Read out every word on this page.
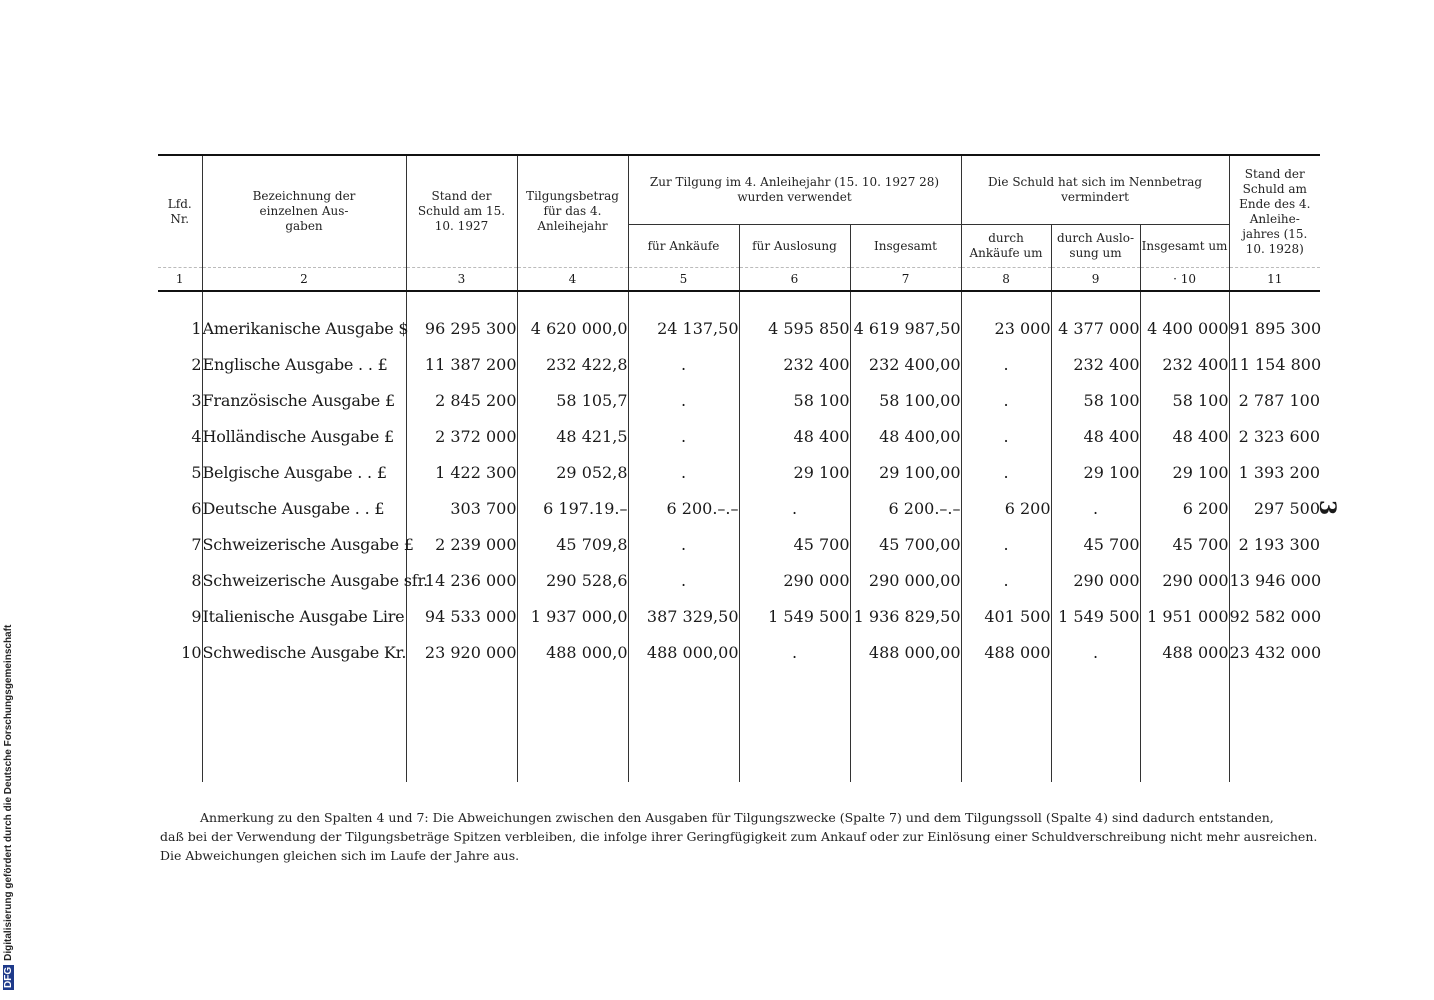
3
DFGDigitalisierung gefördert durch die Deutsche Forschungsgemeinschaft
Lfd. Nr.	Bezeichnung der einzelnen Aus-gaben	Stand der Schuld am 15. 10. 1927	Tilgungsbetrag für das 4. Anleihejahr	Zur Tilgung im 4. Anleihejahr (15. 10. 1927 28) wurden verwendet			Die Schuld hat sich im Nennbetrag vermindert			Stand der Schuld am Ende des 4. Anleihe-jahres (15. 10. 1928)
				für Ankäufe	für Auslosung	Insgesamt	durch Ankäufe um	durch Auslo-sung um	Insgesamt um	
1	2	3	4	5	6	7	8	9	· 10	11
1	Amerikanische Ausgabe $	96 295 300	4 620 000,0	24 137,50	4 595 850	4 619 987,50	23 000	4 377 000	4 400 000	91 895 300
2	Englische Ausgabe . . £	11 387 200	232 422,8	.	232 400	232 400,00	.	232 400	232 400	11 154 800
3	Französische Ausgabe £	2 845 200	58 105,7	.	58 100	58 100,00	.	58 100	58 100	2 787 100
4	Holländische Ausgabe £	2 372 000	48 421,5	.	48 400	48 400,00	.	48 400	48 400	2 323 600
5	Belgische Ausgabe . . £	1 422 300	29 052,8	.	29 100	29 100,00	.	29 100	29 100	1 393 200
6	Deutsche Ausgabe . . £	303 700	6 197.19.–	6 200.–.–	.	6 200.–.–	6 200	.	6 200	297 500
7	Schweizerische Ausgabe £	2 239 000	45 709,8	.	45 700	45 700,00	.	45 700	45 700	2 193 300
8	Schweizerische Ausgabe sfr.	14 236 000	290 528,6	.	290 000	290 000,00	.	290 000	290 000	13 946 000
9	Italienische Ausgabe Lire	94 533 000	1 937 000,0	387 329,50	1 549 500	1 936 829,50	401 500	1 549 500	1 951 000	92 582 000
10	Schwedische Ausgabe Kr.	23 920 000	488 000,0	488 000,00	.	488 000,00	488 000	.	488 000	23 432 000

Anmerkung zu den Spalten 4 und 7: Die Abweichungen zwischen den Ausgaben für Tilgungszwecke (Spalte 7) und dem Tilgungssoll (Spalte 4) sind dadurch entstanden,
daß bei der Verwendung der Tilgungsbeträge Spitzen verbleiben, die infolge ihrer Geringfügigkeit zum Ankauf oder zur Einlösung einer Schuldverschreibung nicht mehr ausreichen.
Die Abweichungen gleichen sich im Laufe der Jahre aus.
